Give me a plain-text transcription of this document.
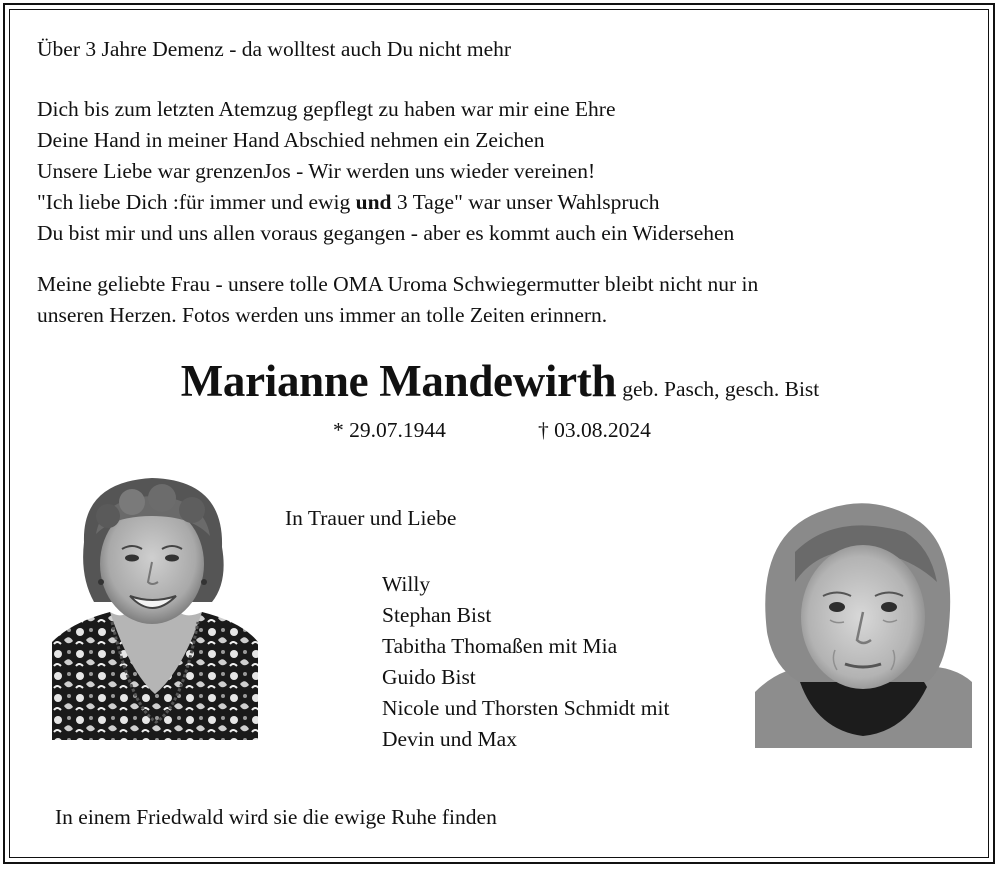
Über 3 Jahre Demenz - da wolltest auch Du nicht mehr
Dich bis zum letzten Atemzug gepflegt zu haben war mir eine Ehre
Deine Hand in meiner Hand Abschied nehmen ein Zeichen
Unsere Liebe war grenzenJos - Wir werden uns wieder vereinen!
"Ich liebe Dich :für immer und ewig und 3 Tage" war unser Wahlspruch
Du bist mir und uns allen voraus gegangen - aber es kommt auch ein Widersehen
Meine geliebte Frau - unsere tolle OMA Uroma Schwiegermutter bleibt nicht nur in
unseren Herzen. Fotos werden uns immer an tolle Zeiten erinnern.
Marianne Mandewirth geb. Pasch, gesch. Bist
* 29.07.1944	† 03.08.2024
In Trauer und Liebe
Willy
Stephan Bist
Tabitha Thomaßen mit Mia
Guido Bist
Nicole und Thorsten Schmidt mit
Devin und Max
In einem Friedwald wird sie die ewige Ruhe finden
